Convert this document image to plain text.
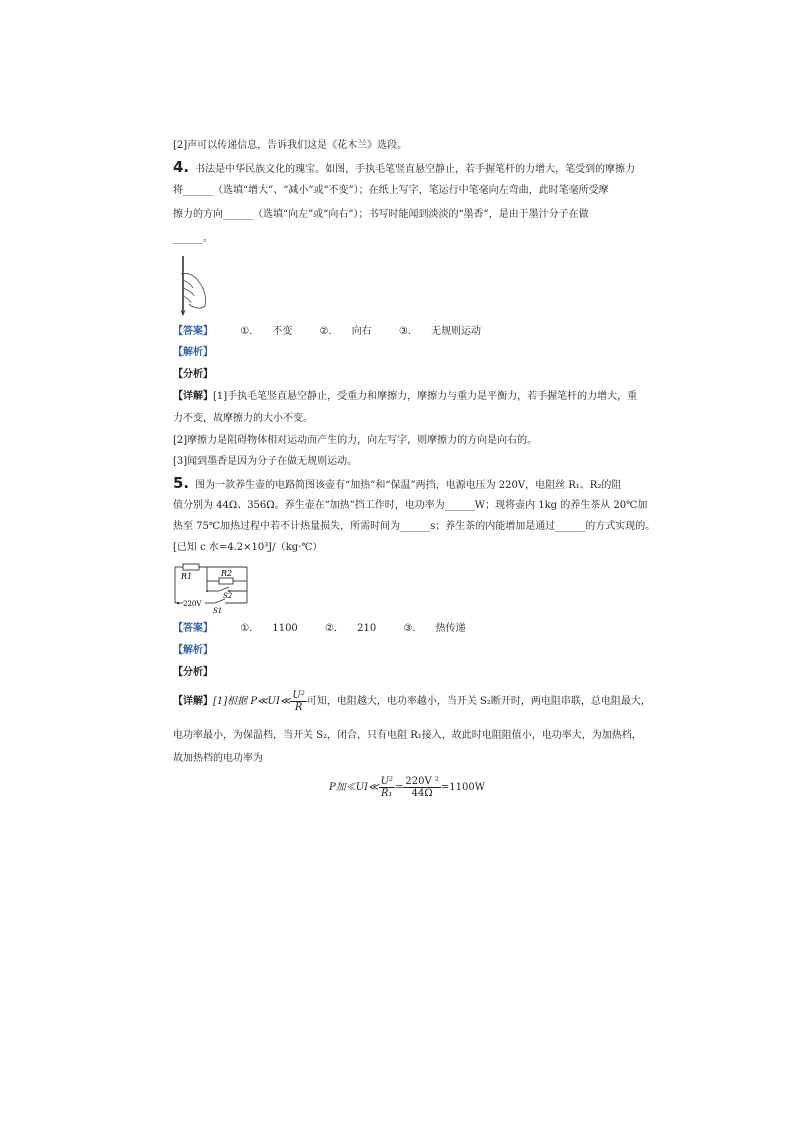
[2]声可以传递信息，告诉我们这是《花木兰》选段。
4. 书法是中华民族文化的瑰宝。如图，手执毛笔竖直悬空静止，若手握笔杆的力增大，笔受到的摩擦力
将______（选填“增大”、“减小”或“不变”）；在纸上写字，笔运行中笔毫向左弯曲，此时笔毫所受摩
擦力的方向______（选填“向左”或“向右”）；书写时能闻到淡淡的“墨香”，是由于墨汁分子在做
______。
【答案】	①． 不变	②． 向右	③． 无规则运动
【解析】
【分析】
【详解】[1]手执毛笔竖直悬空静止，受重力和摩擦力，摩擦力与重力是平衡力，若手握笔杆的力增大，重
力不变，故摩擦力的大小不变。
[2]摩擦力是阻碍物体相对运动而产生的力，向左写字，则摩擦力的方向是向右的。
[3]闻到墨香是因为分子在做无规则运动。
5. 图为一款养生壶的电路简图该壶有“加热”和“保温”两挡，电源电压为 220V，电阻丝 R₁、R₂的阻
值分别为 44Ω、356Ω。养生壶在“加热”挡工作时，电功率为______W；现将壶内 1kg 的养生茶从 20℃加
热至 75℃加热过程中若不计热量损失，所需时间为______s；养生茶的内能增加是通过______的方式实现的。
[已知 c 水=4.2×10³J/（kg·℃）
R1	R2
S2
220V
S1
【答案】	①． 1100	②． 210	③． 热传递
【解析】
【分析】
【详解】[1]根据 P≪UI≪ $\frac{\text{U²}}{R}$ 可知，电阻越大，电功率越小，当开关 S₂断开时，两电阻串联，总电阻最大，
电功率最小，为保温档，当开关 S₂，闭合，只有电阻 R₁接入，故此时电阻阻值小，电功率大，为加热档，
故加热档的电功率为
P加≪UI≪ $\frac{\text{U²}}{\text{R₁}} = \frac{\text{220V ²}}{44\Omega} =1100W$
